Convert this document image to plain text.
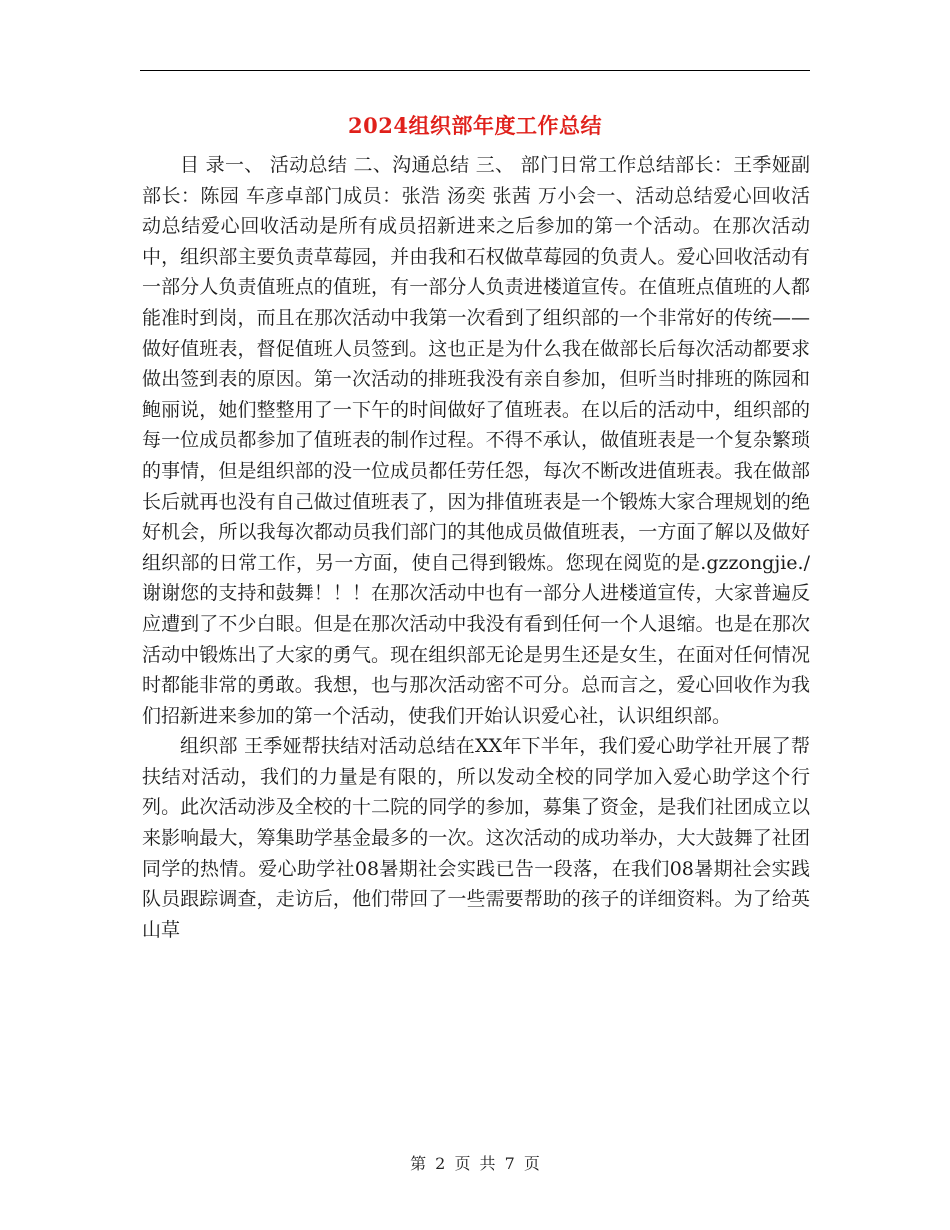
2024组织部年度工作总结

目 录一、 活动总结 二、沟通总结 三、 部门日常工作总结部长：王季娅副部长：陈园 车彦卓部门成员：张浩 汤奕 张茜 万小会一、活动总结爱心回收活动总结爱心回收活动是所有成员招新进来之后参加的第一个活动。在那次活动中，组织部主要负责草莓园，并由我和石权做草莓园的负责人。爱心回收活动有一部分人负责值班点的值班，有一部分人负责进楼道宣传。在值班点值班的人都能准时到岗，而且在那次活动中我第一次看到了组织部的一个非常好的传统——做好值班表，督促值班人员签到。这也正是为什么我在做部长后每次活动都要求做出签到表的原因。第一次活动的排班我没有亲自参加，但听当时排班的陈园和鲍丽说，她们整整用了一下午的时间做好了值班表。在以后的活动中，组织部的每一位成员都参加了值班表的制作过程。不得不承认，做值班表是一个复杂繁琐的事情，但是组织部的没一位成员都任劳任怨，每次不断改进值班表。我在做部长后就再也没有自己做过值班表了，因为排值班表是一个锻炼大家合理规划的绝好机会，所以我每次都动员我们部门的其他成员做值班表，一方面了解以及做好组织部的日常工作，另一方面，使自己得到锻炼。您现在阅览的是.gzzongjie./谢谢您的支持和鼓舞！！！在那次活动中也有一部分人进楼道宣传，大家普遍反应遭到了不少白眼。但是在那次活动中我没有看到任何一个人退缩。也是在那次活动中锻炼出了大家的勇气。现在组织部无论是男生还是女生，在面对任何情况时都能非常的勇敢。我想，也与那次活动密不可分。总而言之，爱心回收作为我们招新进来参加的第一个活动，使我们开始认识爱心社，认识组织部。

组织部 王季娅帮扶结对活动总结在XX年下半年，我们爱心助学社开展了帮扶结对活动，我们的力量是有限的，所以发动全校的同学加入爱心助学这个行列。此次活动涉及全校的十二院的同学的参加，募集了资金，是我们社团成立以来影响最大，筹集助学基金最多的一次。这次活动的成功举办，大大鼓舞了社团同学的热情。爱心助学社08暑期社会实践已告一段落，在我们08暑期社会实践队员跟踪调查，走访后，他们带回了一些需要帮助的孩子的详细资料。为了给英山草

第 2 页 共 7 页
